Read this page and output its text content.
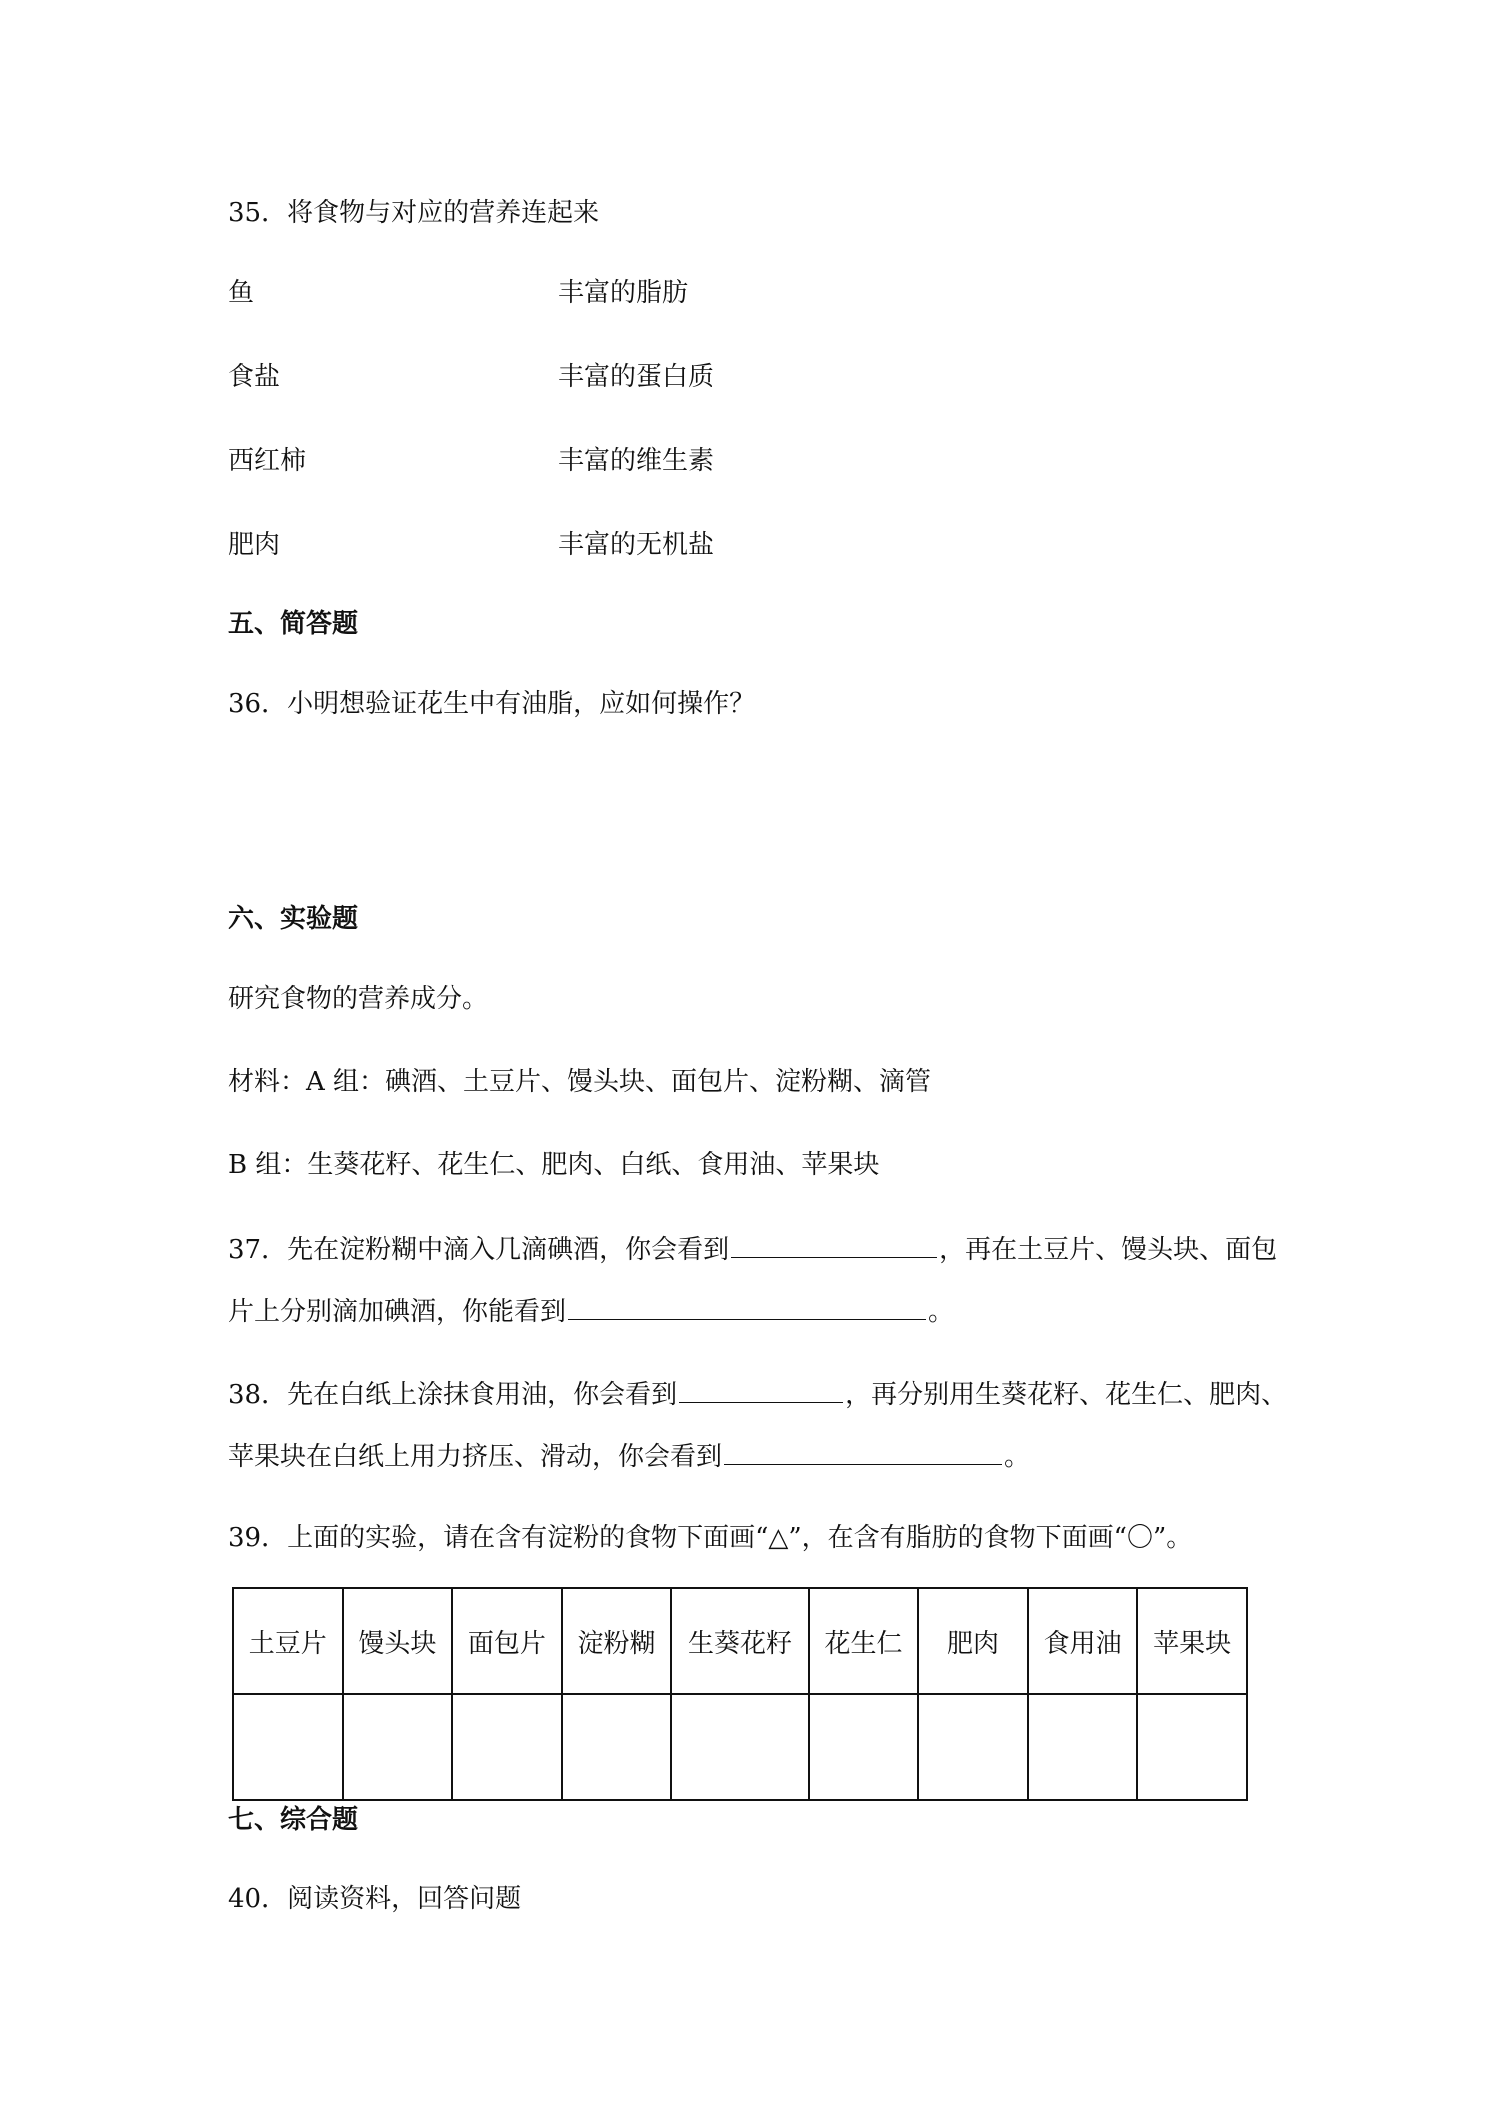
35．将食物与对应的营养连起来
鱼	丰富的脂肪
食盐	丰富的蛋白质
西红柿	丰富的维生素
肥肉	丰富的无机盐
五、简答题
36．小明想验证花生中有油脂，应如何操作？
六、实验题
研究食物的营养成分。
材料：A 组：碘酒、土豆片、馒头块、面包片、淀粉糊、滴管
B 组：生葵花籽、花生仁、肥肉、白纸、食用油、苹果块
37．先在淀粉糊中滴入几滴碘酒，你会看到	，再在土豆片、馒头块、面包
片上分别滴加碘酒，你能看到	。
38．先在白纸上涂抹食用油，你会看到	，再分别用生葵花籽、花生仁、肥肉、
苹果块在白纸上用力挤压、滑动，你会看到	。
39．上面的实验，请在含有淀粉的食物下面画“△”，在含有脂肪的食物下面画“〇”。
土豆片	馒头块	面包片	淀粉糊	生葵花籽	花生仁	肥肉	食用油	苹果块

七、综合题
40．阅读资料，回答问题
